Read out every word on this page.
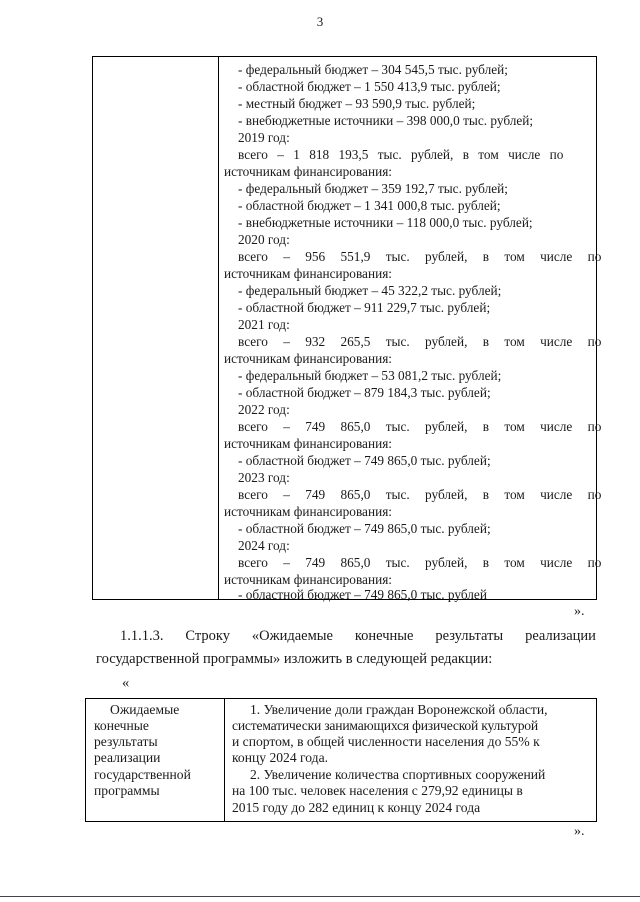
3
- федеральный бюджет – 304 545,5 тыс. рублей;
- областной бюджет – 1 550 413,9 тыс. рублей;
- местный бюджет – 93 590,9 тыс. рублей;
- внебюджетные источники – 398 000,0 тыс. рублей;
2019 год:
всего – 1 818 193,5 тыс. рублей, в том числе по
источникам финансирования:
- федеральный бюджет – 359 192,7 тыс. рублей;
- областной бюджет – 1 341 000,8 тыс. рублей;
- внебюджетные источники – 118 000,0 тыс. рублей;
2020 год:
всего – 956 551,9 тыс. рублей, в том числе по
источникам финансирования:
- федеральный бюджет – 45 322,2 тыс. рублей;
- областной бюджет – 911 229,7 тыс. рублей;
2021 год:
всего – 932 265,5 тыс. рублей, в том числе по
источникам финансирования:
- федеральный бюджет – 53 081,2 тыс. рублей;
- областной бюджет – 879 184,3 тыс. рублей;
2022 год:
всего – 749 865,0 тыс. рублей, в том числе по
источникам финансирования:
- областной бюджет – 749 865,0 тыс. рублей;
2023 год:
всего – 749 865,0 тыс. рублей, в том числе по
источникам финансирования:
- областной бюджет – 749 865,0 тыс. рублей;
2024 год:
всего – 749 865,0 тыс. рублей, в том числе по
источникам финансирования:
- областной бюджет – 749 865,0 тыс. рублей
».
1.1.1.3. Строку «Ожидаемые конечные результаты реализации
государственной программы» изложить в следующей редакции:
«
Ожидаемые
конечные
результаты
реализации
государственной
программы
1. Увеличение доли граждан Воронежской области,
систематически занимающихся физической культурой
и спортом, в общей численности населения до 55% к
концу 2024 года.
2. Увеличение количества спортивных сооружений
на 100 тыс. человек населения с 279,92 единицы в
2015 году до 282 единиц к концу 2024 года
».
